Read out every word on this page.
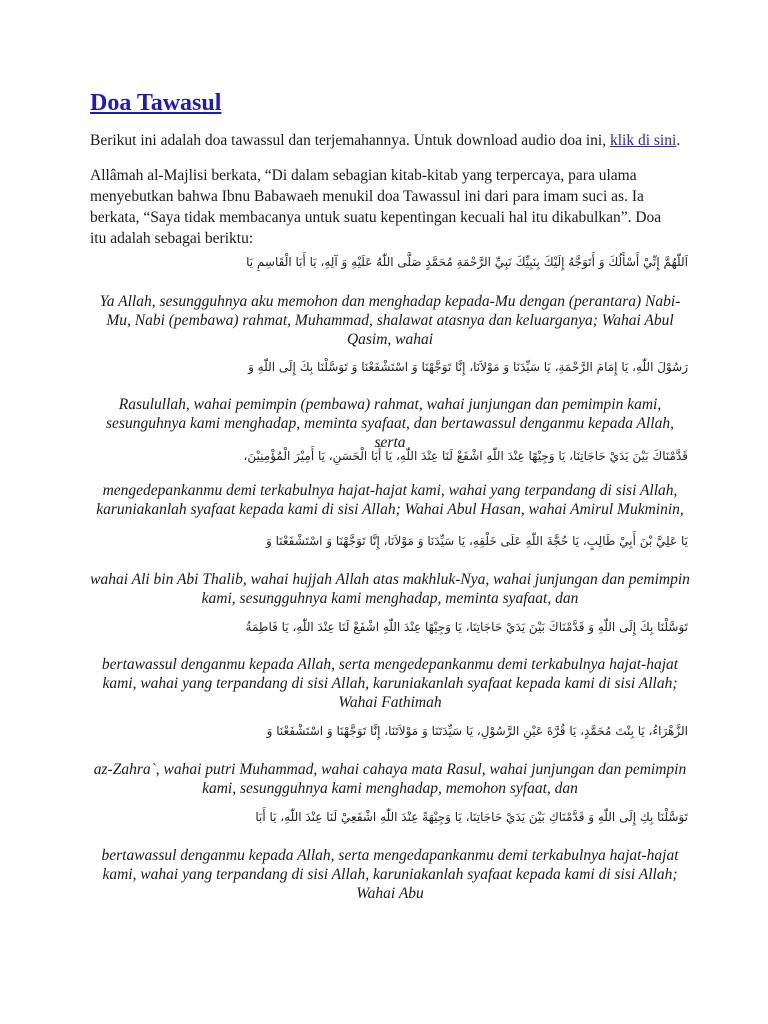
Doa Tawasul
Berikut ini adalah doa tawassul dan terjemahannya. Untuk download audio doa ini, klik di sini.

Allâmah al-Majlisi berkata, “Di dalam sebagian kitab-kitab yang terpercaya, para ulama menyebutkan bahwa Ibnu Babawaeh menukil doa Tawassul ini dari para imam suci as. Ia berkata, “Saya tidak membacanya untuk suatu kepentingan kecuali hal itu dikabulkan”. Doa itu adalah sebagai beriktu:

اَللّٰهُمَّ إِنِّيْ أَسْأَلُكَ وَ أَتَوَجَّهُ إِلَيْكَ بِنَبِيِّكَ نَبِيِّ الرَّحْمَةِ مُحَمَّدٍ صَلَّى اللّٰهُ عَلَيْهِ وَ آلِهِ، يَا أَبَا الْقَاسِمِ يَا
Ya Allah, sesungguhnya aku memohon dan menghadap kepada-Mu dengan (perantara) Nabi-Mu, Nabi (pembawa) rahmat, Muhammad, shalawat atasnya dan keluarganya; Wahai Abul Qasim, wahai
رَسُوْلَ اللّٰهِ، يَا إِمَامَ الرَّحْمَةِ، يَا سَيِّدَنَا وَ مَوْلاَنَا، إِنَّا تَوَجَّهْنَا وَ اسْتَشْفَعْنَا وَ تَوَسَّلْنَا بِكَ إِلَى اللّٰهِ وَ
Rasulullah, wahai pemimpin (pembawa) rahmat, wahai junjungan dan pemimpin kami, sesunguhnya kami menghadap, meminta syafaat, dan bertawassul denganmu kepada Allah, serta
قَدَّمْنَاكَ بَيْنَ يَدَيْ حَاجَاتِنَا، يَا وَجِيْهًا عِنْدَ اللّٰهِ اشْفَعْ لَنَا عِنْدَ اللّٰهِ، يَا أَبَا الْحَسَنِ، يَا أَمِيْرَ الْمُؤْمِنِيْنَ،
mengedepankanmu demi terkabulnya hajat-hajat kami, wahai yang terpandang di sisi Allah, karuniakanlah syafaat kepada kami di sisi Allah; Wahai Abul Hasan, wahai Amirul Mukminin,
يَا عَلِيَّ بْنَ أَبِيْ طَالِبٍ، يَا حُجَّةَ اللّٰهِ عَلَى خَلْقِهِ، يَا سَيِّدَنَا وَ مَوْلاَنَا، إِنَّا تَوَجَّهْنَا وَ اسْتَشْفَعْنَا وَ
wahai Ali bin Abi Thalib, wahai hujjah Allah atas makhluk-Nya, wahai junjungan dan pemimpin kami, sesungguhnya kami menghadap, meminta syafaat, dan
تَوَسَّلْنَا بِكَ إِلَى اللّٰهِ وَ قَدَّمْنَاكَ بَيْنَ يَدَيْ حَاجَاتِنَا، يَا وَجِيْهًا عِنْدَ اللّٰهِ اشْفَعْ لَنَا عِنْدَ اللّٰهِ، يَا فَاطِمَةُ
bertawassul denganmu kepada Allah, serta mengedepankanmu demi terkabulnya hajat-hajat kami, wahai yang terpandang di sisi Allah, karuniakanlah syafaat kepada kami di sisi Allah; Wahai Fathimah
الزَّهْرَاءُ، يَا بِنْتَ مُحَمَّدٍ، يَا قُرَّةَ عَيْنِ الرَّسُوْلِ، يَا سَيِّدَتَنَا وَ مَوْلاَتَنَا، إِنَّا تَوَجَّهْنَا وَ اسْتَشْفَعْنَا وَ
az-Zahra`, wahai putri Muhammad, wahai cahaya mata Rasul, wahai junjungan dan pemimpin kami, sesungguhnya kami menghadap, memohon syfaat, dan
تَوَسَّلْنَا بِكِ إِلَى اللّٰهِ وَ قَدَّمْنَاكِ بَيْنَ يَدَيْ حَاجَاتِنَا، يَا وَجِيْهَةً عِنْدَ اللّٰهِ اشْفَعِيْ لَنَا عِنْدَ اللّٰهِ، يَا أَبَا
bertawassul denganmu kepada Allah, serta mengedapankanmu demi terkabulnya hajat-hajat kami, wahai yang terpandang di sisi Allah, karuniakanlah syafaat kepada kami di sisi Allah; Wahai Abu
